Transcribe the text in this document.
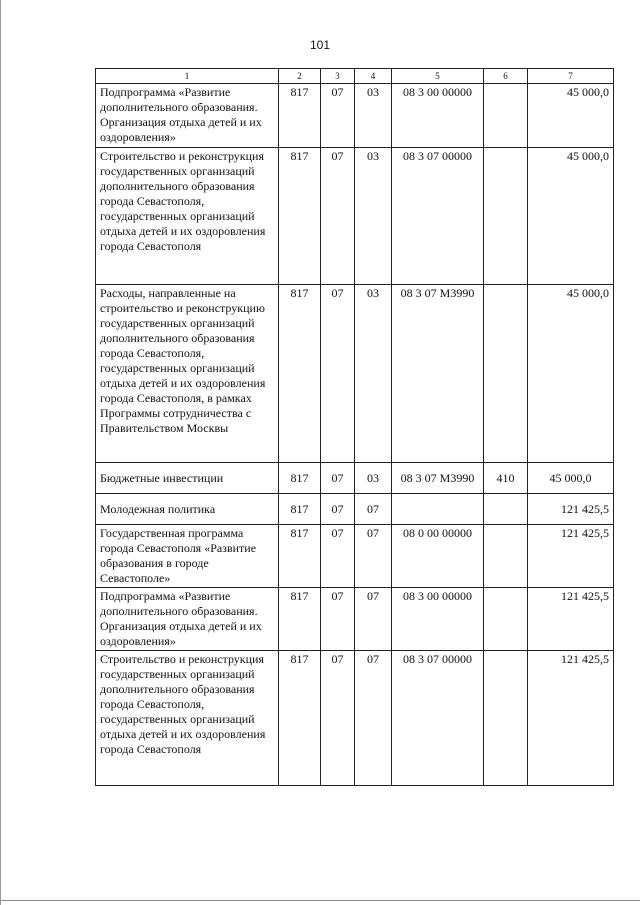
101
1	2	3	4	5	6	7
Подпрограмма «Развитие дополнительного образования. Организация отдыха детей и их оздоровления»	817	07	03	08 3 00 00000		45 000,0
Строительство и реконструкция государственных организаций дополнительного образования города Севастополя, государственных организаций отдыха детей и их оздоровления города Севастополя	817	07	03	08 3 07 00000		45 000,0
Расходы, направленные на строительство и реконструкцию государственных организаций дополнительного образования города Севастополя, государственных организаций отдыха детей и их оздоровления города Севастополя, в рамках Программы сотрудничества с Правительством Москвы	817	07	03	08 3 07 М3990		45 000,0
Бюджетные инвестиции	817	07	03	08 3 07 М3990	410	45 000,0
Молодежная политика	817	07	07			121 425,5
Государственная программа города Севастополя «Развитие образования в городе Севастополе»	817	07	07	08 0 00 00000		121 425,5
Подпрограмма «Развитие дополнительного образования. Организация отдыха детей и их оздоровления»	817	07	07	08 3 00 00000		121 425,5
Строительство и реконструкция государственных организаций дополнительного образования города Севастополя, государственных организаций отдыха детей и их оздоровления города Севастополя	817	07	07	08 3 07 00000		121 425,5
